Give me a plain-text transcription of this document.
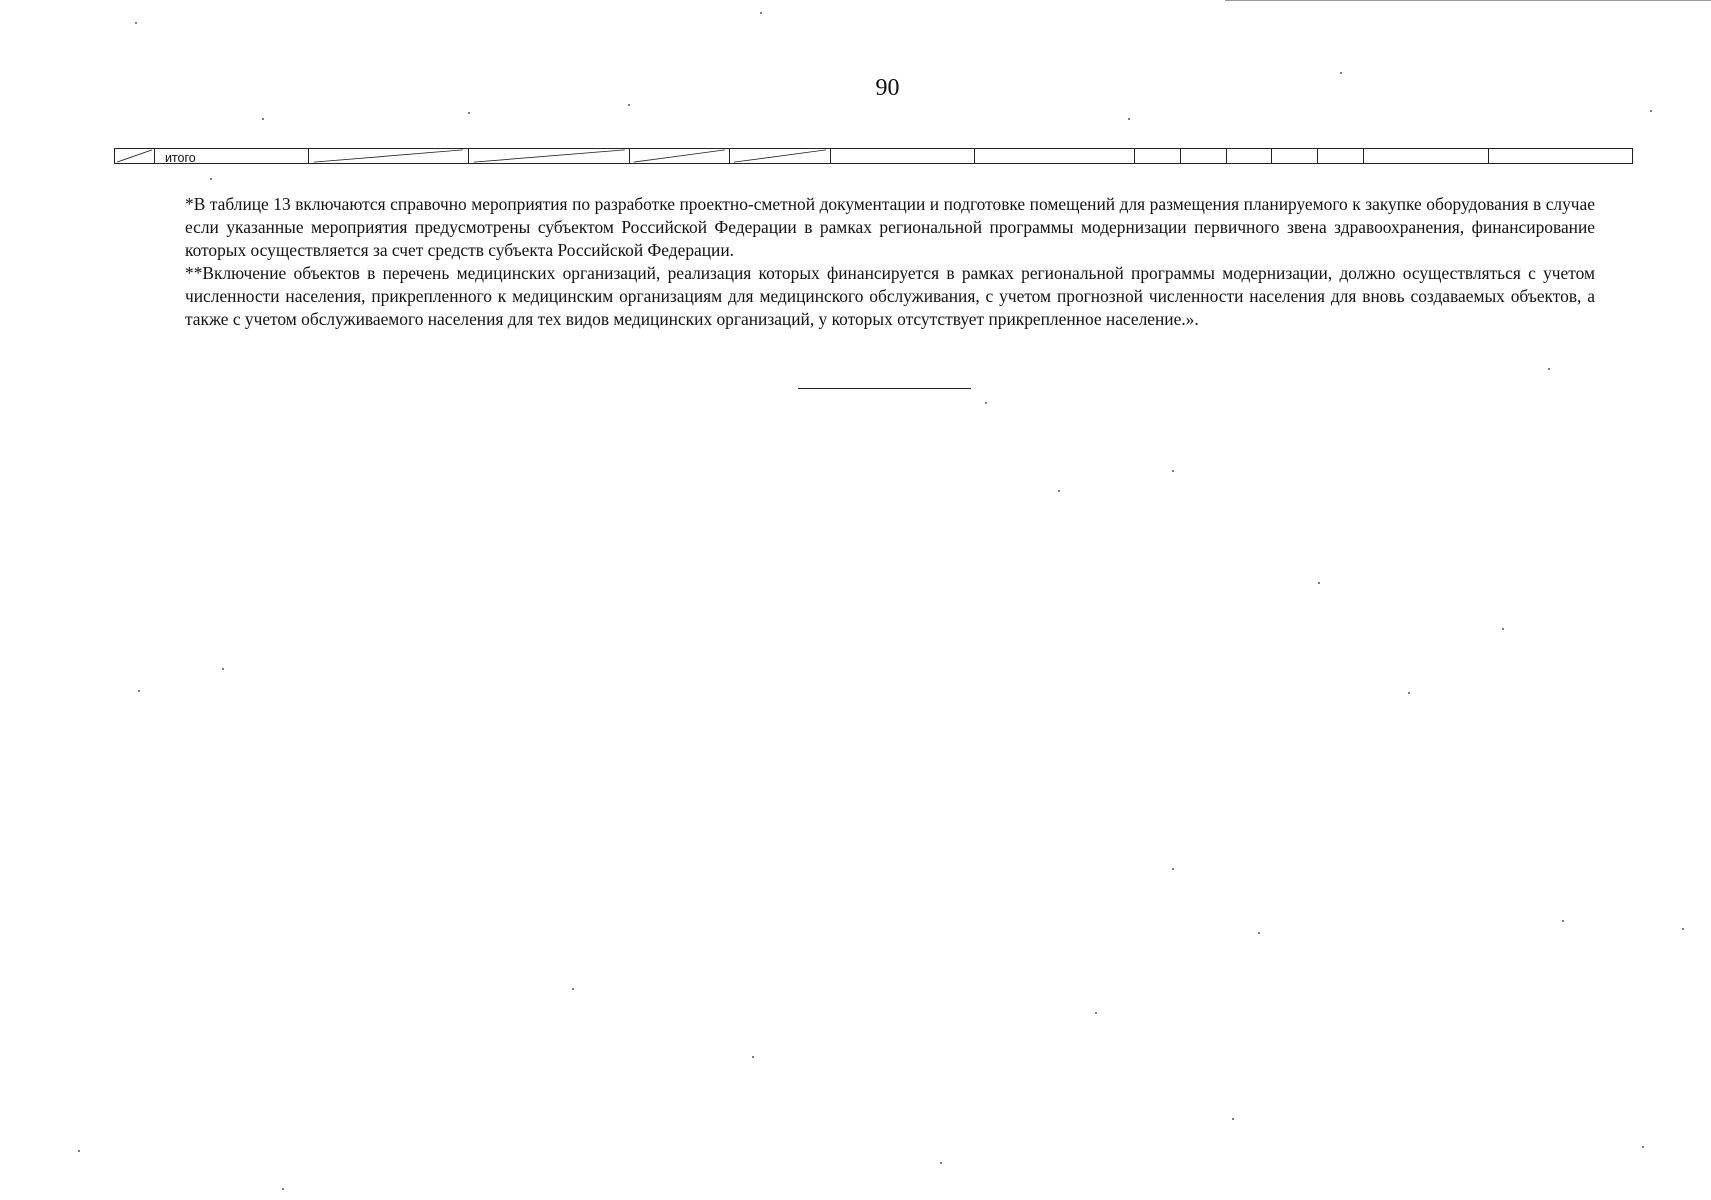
90
итого

*В таблице 13 включаются справочно мероприятия по разработке проектно-сметной документации и подготовке помещений для размещения планируемого к закупке оборудования в случае если указанные мероприятия предусмотрены субъектом Российской Федерации в рамках региональной программы модернизации первичного звена здравоохранения, финансирование которых осуществляется за счет средств субъекта Российской Федерации.

**Включение объектов в перечень медицинских организаций, реализация которых финансируется в рамках региональной программы модернизации, должно осуществляться с учетом численности населения, прикрепленного к медицинским организациям для медицинского обслуживания, с учетом прогнозной численности населения для вновь создаваемых объектов, а также с учетом обслуживаемого населения для тех видов медицинских организаций, у которых отсутствует прикрепленное население.».
